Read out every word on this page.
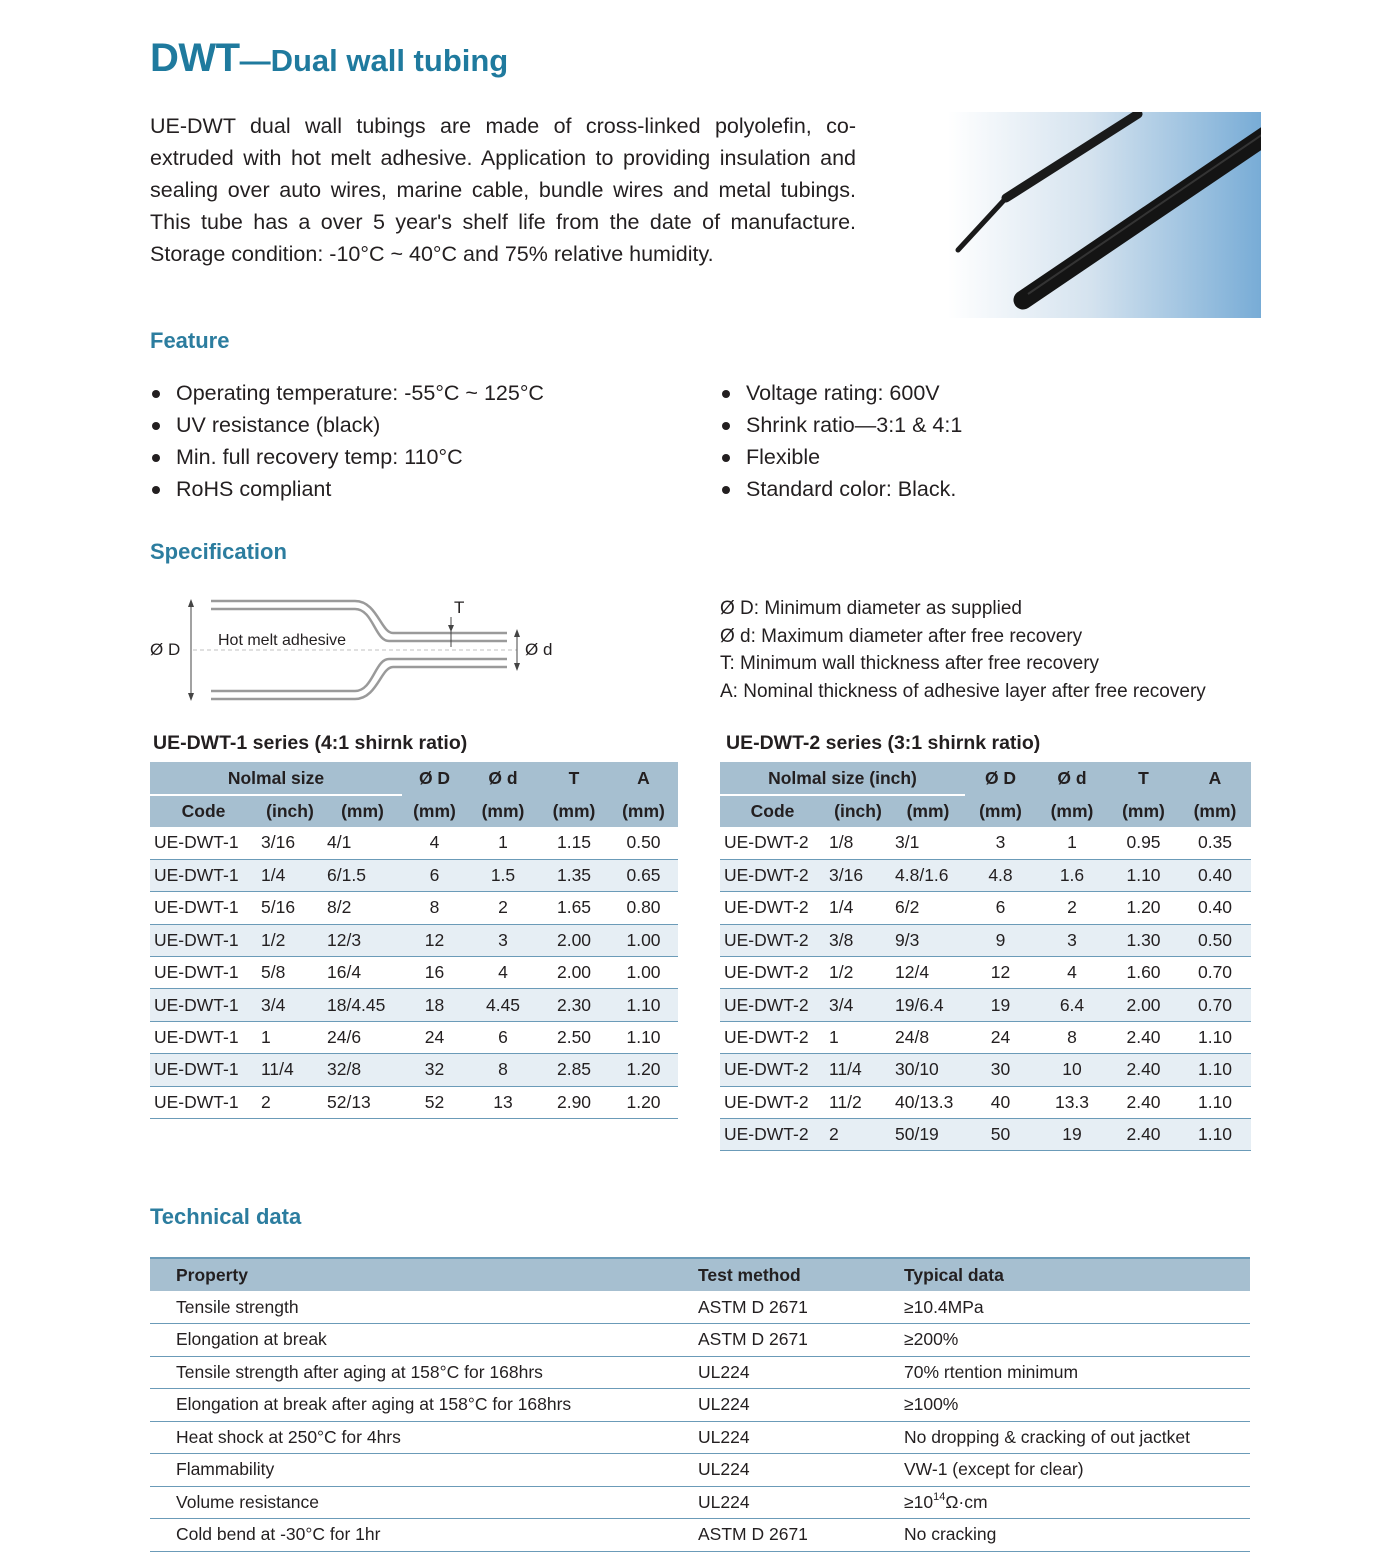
DWT—Dual wall tubing

UE-DWT dual wall tubings are made of cross-linked polyolefin, co-extruded with hot melt adhesive. Application to providing insulation and sealing over auto wires, marine cable, bundle wires and metal tubings. This tube has a over 5 year's shelf life from the date of manufacture. Storage condition: -10°C ~ 40°C and 75% relative humidity.

Feature
Operating temperature: -55°C ~ 125°C
UV resistance (black)
Min. full recovery temp: 110°C
RoHS compliant
Voltage rating: 600V
Shrink ratio—3:1 & 4:1
Flexible
Standard color: Black.
Specification
Ø D Hot melt adhesive
T
Ø d
Ø D: Minimum diameter as supplied
Ø d: Maximum diameter after free recovery
T: Minimum wall thickness after free recovery
A: Nominal thickness of adhesive layer after free recovery
UE-DWT-1 series (4:1 shirnk ratio)
Nolmal size			Ø D	Ø d	T	A
Code	(inch)	(mm)	(mm)	(mm)	(mm)	(mm)
UE-DWT-1	3/16	4/1	4	1	1.15	0.50
UE-DWT-1	1/4	6/1.5	6	1.5	1.35	0.65
UE-DWT-1	5/16	8/2	8	2	1.65	0.80
UE-DWT-1	1/2	12/3	12	3	2.00	1.00
UE-DWT-1	5/8	16/4	16	4	2.00	1.00
UE-DWT-1	3/4	18/4.45	18	4.45	2.30	1.10
UE-DWT-1	1	24/6	24	6	2.50	1.10
UE-DWT-1	11/4	32/8	32	8	2.85	1.20
UE-DWT-1	2	52/13	52	13	2.90	1.20
UE-DWT-2 series (3:1 shirnk ratio)
Nolmal size (inch)			Ø D	Ø d	T	A
Code	(inch)	(mm)	(mm)	(mm)	(mm)	(mm)
UE-DWT-2	1/8	3/1	3	1	0.95	0.35
UE-DWT-2	3/16	4.8/1.6	4.8	1.6	1.10	0.40
UE-DWT-2	1/4	6/2	6	2	1.20	0.40
UE-DWT-2	3/8	9/3	9	3	1.30	0.50
UE-DWT-2	1/2	12/4	12	4	1.60	0.70
UE-DWT-2	3/4	19/6.4	19	6.4	2.00	0.70
UE-DWT-2	1	24/8	24	8	2.40	1.10
UE-DWT-2	11/4	30/10	30	10	2.40	1.10
UE-DWT-2	11/2	40/13.3	40	13.3	2.40	1.10
UE-DWT-2	2	50/19	50	19	2.40	1.10
Technical data
Property	Test method	Typical data
Tensile strength	ASTM D 2671	≥10.4MPa
Elongation at break	ASTM D 2671	≥200%
Tensile strength after aging at 158°C for 168hrs	UL224	70% rtention minimum
Elongation at break after aging at 158°C for 168hrs	UL224	≥100%
Heat shock at 250°C for 4hrs	UL224	No dropping & cracking of out jactket
Flammability	UL224	VW-1 (except for clear)
Volume resistance	UL224	$\ge 10^{14}\Omega\cdot cm$
Cold bend at -30°C for 1hr	ASTM D 2671	No cracking
